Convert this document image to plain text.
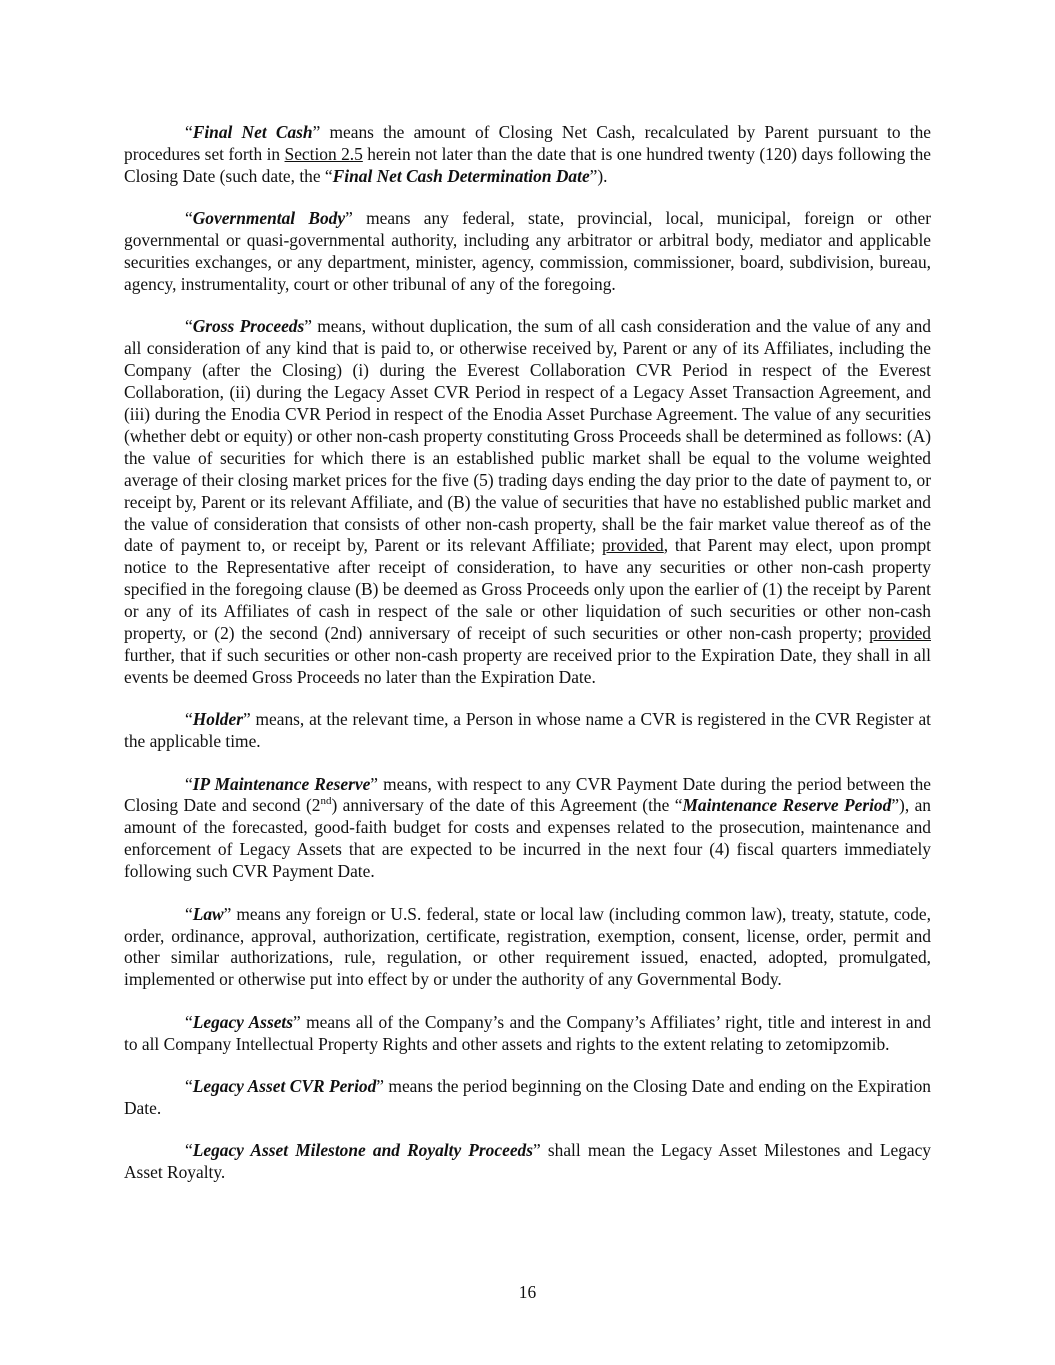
“Final Net Cash” means the amount of Closing Net Cash, recalculated by Parent pursuant to the procedures set forth in Section 2.5 herein not later than the date that is one hundred twenty (120) days following the Closing Date (such date, the “Final Net Cash Determination Date”).

“Governmental Body” means any federal, state, provincial, local, municipal, foreign or other governmental or quasi-governmental authority, including any arbitrator or arbitral body, mediator and applicable securities exchanges, or any department, minister, agency, commission, commissioner, board, subdivision, bureau, agency, instrumentality, court or other tribunal of any of the foregoing.

“Gross Proceeds” means, without duplication, the sum of all cash consideration and the value of any and all consideration of any kind that is paid to, or otherwise received by, Parent or any of its Affiliates, including the Company (after the Closing) (i) during the Everest Collaboration CVR Period in respect of the Everest Collaboration, (ii) during the Legacy Asset CVR Period in respect of a Legacy Asset Transaction Agreement, and (iii) during the Enodia CVR Period in respect of the Enodia Asset Purchase Agreement. The value of any securities (whether debt or equity) or other non-cash property constituting Gross Proceeds shall be determined as follows: (A) the value of securities for which there is an established public market shall be equal to the volume weighted average of their closing market prices for the five (5) trading days ending the day prior to the date of payment to, or receipt by, Parent or its relevant Affiliate, and (B) the value of securities that have no established public market and the value of consideration that consists of other non-cash property, shall be the fair market value thereof as of the date of payment to, or receipt by, Parent or its relevant Affiliate; provided, that Parent may elect, upon prompt notice to the Representative after receipt of consideration, to have any securities or other non-cash property specified in the foregoing clause (B) be deemed as Gross Proceeds only upon the earlier of (1) the receipt by Parent or any of its Affiliates of cash in respect of the sale or other liquidation of such securities or other non-cash property, or (2) the second (2nd) anniversary of receipt of such securities or other non-cash property; provided further, that if such securities or other non-cash property are received prior to the Expiration Date, they shall in all events be deemed Gross Proceeds no later than the Expiration Date.

“Holder” means, at the relevant time, a Person in whose name a CVR is registered in the CVR Register at the applicable time.

“IP Maintenance Reserve” means, with respect to any CVR Payment Date during the period between the Closing Date and second (2nd) anniversary of the date of this Agreement (the “Maintenance Reserve Period”), an amount of the forecasted, good-faith budget for costs and expenses related to the prosecution, maintenance and enforcement of Legacy Assets that are expected to be incurred in the next four (4) fiscal quarters immediately following such CVR Payment Date.

“Law” means any foreign or U.S. federal, state or local law (including common law), treaty, statute, code, order, ordinance, approval, authorization, certificate, registration, exemption, consent, license, order, permit and other similar authorizations, rule, regulation, or other requirement issued, enacted, adopted, promulgated, implemented or otherwise put into effect by or under the authority of any Governmental Body.

“Legacy Assets” means all of the Company’s and the Company’s Affiliates’ right, title and interest in and to all Company Intellectual Property Rights and other assets and rights to the extent relating to zetomipzomib.

“Legacy Asset CVR Period” means the period beginning on the Closing Date and ending on the Expiration Date.

“Legacy Asset Milestone and Royalty Proceeds” shall mean the Legacy Asset Milestones and Legacy Asset Royalty.

16
